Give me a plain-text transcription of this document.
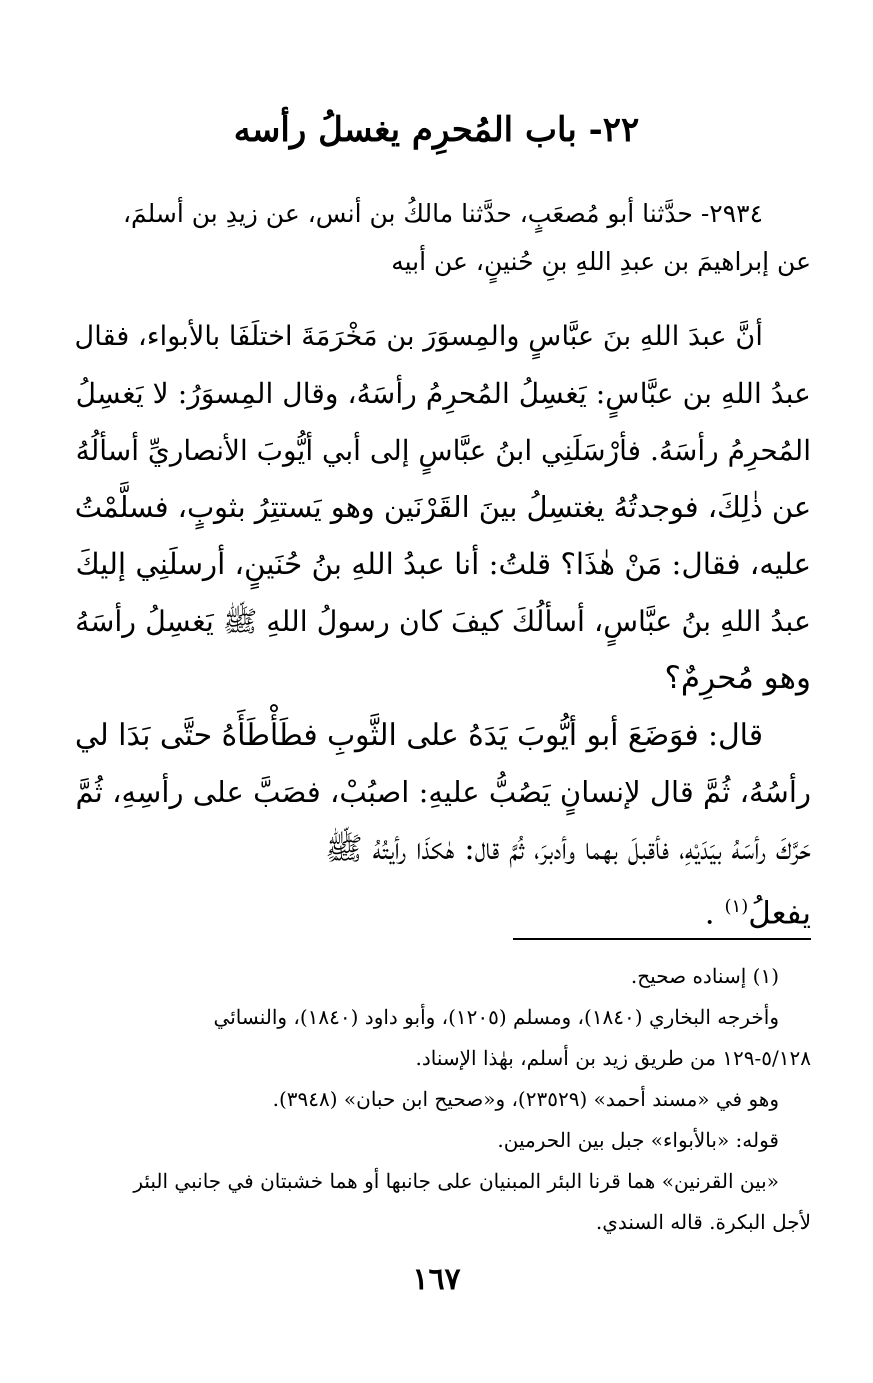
٢٢- باب المُحرِم يغسلُ رأسه
٢٩٣٤- حدَّثنا أبو مُصعَبٍ، حدَّثنا مالكُ بن أنس، عن زيدِ بن أسلمَ،
عن إبراهيمَ بن عبدِ اللهِ بنِ حُنينٍ، عن أبيه
أنَّ عبدَ اللهِ بنَ عبَّاسٍ والمِسوَرَ بن مَخْرَمَةَ اختلَفَا بالأبواء، فقال
عبدُ اللهِ بن عبَّاسٍ: يَغسِلُ المُحرِمُ رأسَهُ، وقال المِسوَرُ: لا يَغسِلُ
المُحرِمُ رأسَهُ. فأرْسَلَنِي ابنُ عبَّاسٍ إلى أبي أيُّوبَ الأنصاريِّ أسألُهُ
عن ذٰلِكَ، فوجدتُهُ يغتسِلُ بينَ القَرْنَين وهو يَستتِرُ بثوبٍ، فسلَّمْتُ
عليه، فقال: مَنْ هٰذَا؟ قلتُ: أنا عبدُ اللهِ بنُ حُنَينٍ، أرسلَنِي إليكَ
عبدُ اللهِ بنُ عبَّاسٍ، أسألُكَ كيفَ كان رسولُ اللهِ ﷺ يَغسِلُ رأسَهُ
وهو مُحرِمٌ؟
قال: فوَضَعَ أبو أيُّوبَ يَدَهُ على الثَّوبِ فطَأْطَأَهُ حتَّى بَدَا لي
رأسُهُ، ثُمَّ قال لإنسانٍ يَصُبُّ عليهِ: اصبُبْ، فصَبَّ على رأسِهِ، ثُمَّ
حَرَّكَ رأسَهُ بيَدَيْهِ، فأقبلَ بهما وأدبرَ، ثُمَّ قال: هٰكذَا رأيتُهُ ﷺ
يفعلُ$^{(١)}$ .
(١) إسناده صحيح.
وأخرجه البخاري (١٨٤٠)، ومسلم (١٢٠٥)، وأبو داود (١٨٤٠)، والنسائي
٥/١٢٨-١٢٩ من طريق زيد بن أسلم، بهٰذا الإسناد.
وهو في «مسند أحمد» (٢٣٥٢٩)، و«صحيح ابن حبان» (٣٩٤٨).
قوله: «بالأبواء» جبل بين الحرمين.
«بين القرنين» هما قرنا البئر المبنيان على جانبها أو هما خشبتان في جانبي البئر
لأجل البكرة. قاله السندي.
١٦٧
